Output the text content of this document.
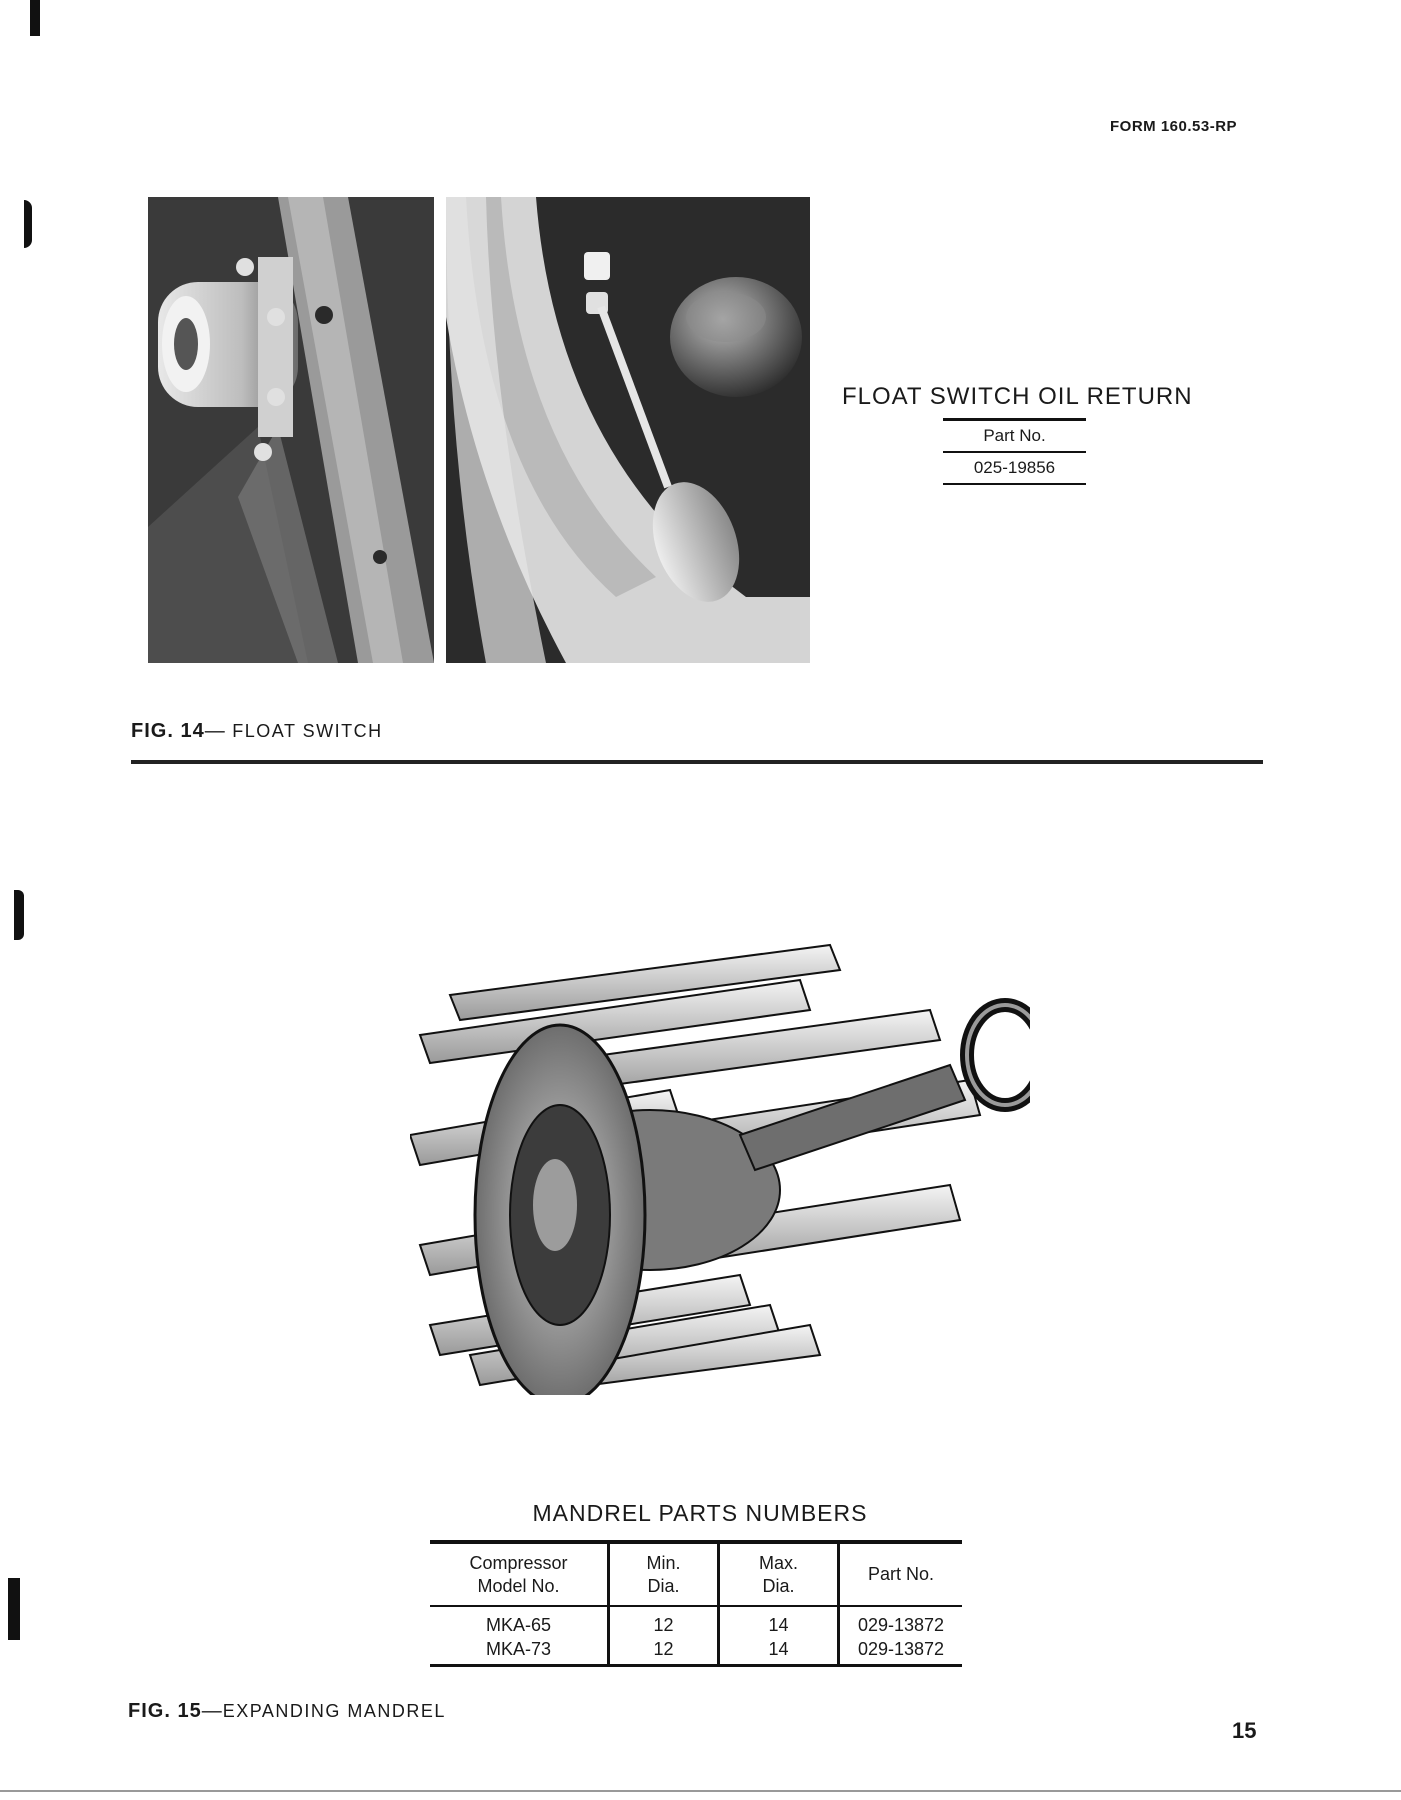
FORM 160.53-RP
FLOAT SWITCH OIL RETURN
Part No.
025-19856
FIG. 14— FLOAT SWITCH
MANDREL PARTS NUMBERS
Compressor Model No.	Min. Dia.	Max. Dia.	Part No.
MKA-65	12	14	029-13872
MKA-73	12	14	029-13872
FIG. 15—EXPANDING MANDREL
15
